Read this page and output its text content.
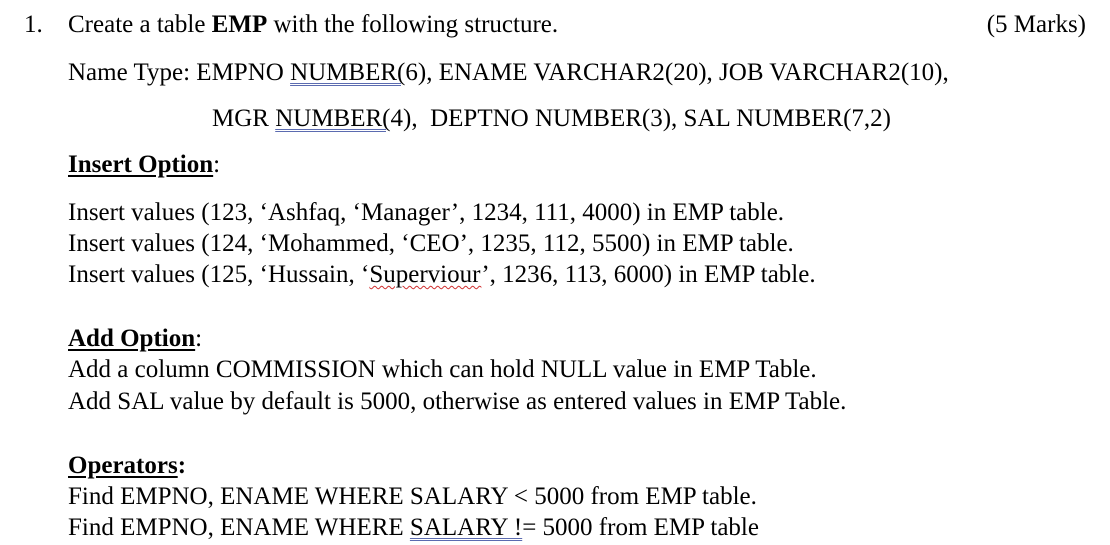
1. Create a table EMP with the following structure.	(5 Marks)
Name Type: EMPNO NUMBER(6), ENAME VARCHAR2(20), JOB VARCHAR2(10),
MGR NUMBER(4),  DEPTNO NUMBER(3), SAL NUMBER(7,2)
Insert Option:
Insert values (123, ‘Ashfaq, ‘Manager’, 1234, 111, 4000) in EMP table.
Insert values (124, ‘Mohammed, ‘CEO’, 1235, 112, 5500) in EMP table.
Insert values (125, ‘Hussain, ‘Superviour’, 1236, 113, 6000) in EMP table.
Add Option:
Add a column COMMISSION which can hold NULL value in EMP Table.
Add SAL value by default is 5000, otherwise as entered values in EMP Table.
Operators:
Find EMPNO, ENAME WHERE SALARY < 5000 from EMP table.
Find EMPNO, ENAME WHERE SALARY != 5000 from EMP table
